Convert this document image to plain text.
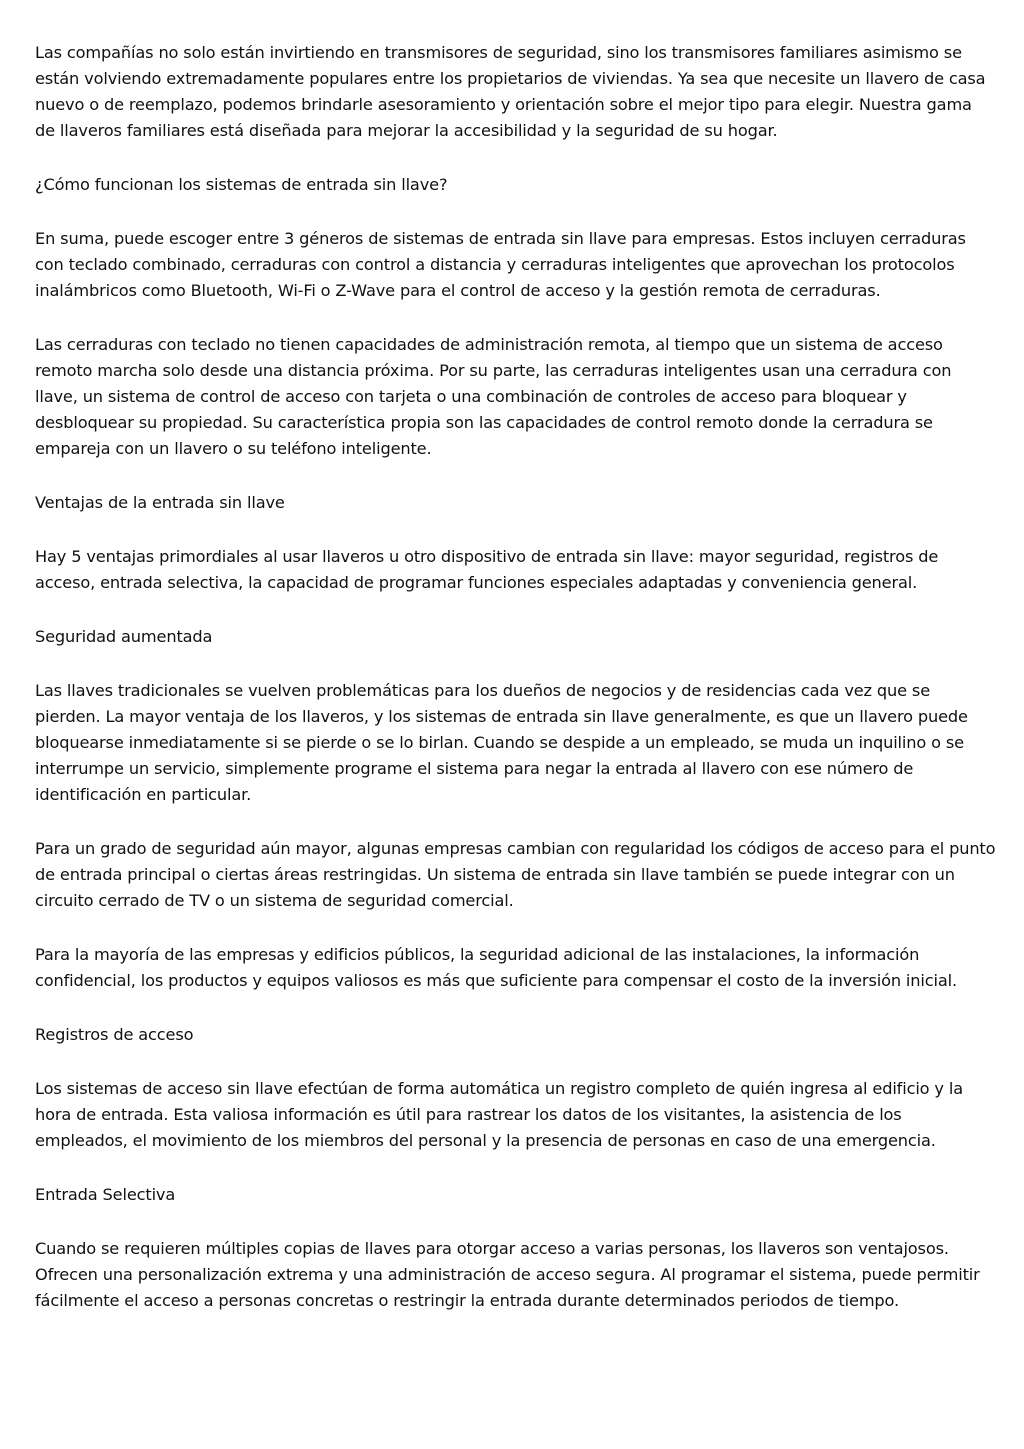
Las compañías no solo están invirtiendo en transmisores de seguridad, sino los transmisores familiares asimismo se están volviendo extremadamente populares entre los propietarios de viviendas. Ya sea que necesite un llavero de casa nuevo o de reemplazo, podemos brindarle asesoramiento y orientación sobre el mejor tipo para elegir. Nuestra gama de llaveros familiares está diseñada para mejorar la accesibilidad y la seguridad de su hogar.

¿Cómo funcionan los sistemas de entrada sin llave?

En suma, puede escoger entre 3 géneros de sistemas de entrada sin llave para empresas. Estos incluyen cerraduras con teclado combinado, cerraduras con control a distancia y cerraduras inteligentes que aprovechan los protocolos inalámbricos como Bluetooth, Wi-Fi o Z-Wave para el control de acceso y la gestión remota de cerraduras.

Las cerraduras con teclado no tienen capacidades de administración remota, al tiempo que un sistema de acceso remoto marcha solo desde una distancia próxima. Por su parte, las cerraduras inteligentes usan una cerradura con llave, un sistema de control de acceso con tarjeta o una combinación de controles de acceso para bloquear y desbloquear su propiedad. Su característica propia son las capacidades de control remoto donde la cerradura se empareja con un llavero o su teléfono inteligente.

Ventajas de la entrada sin llave

Hay 5 ventajas primordiales al usar llaveros u otro dispositivo de entrada sin llave: mayor seguridad, registros de acceso, entrada selectiva, la capacidad de programar funciones especiales adaptadas y conveniencia general.

Seguridad aumentada

Las llaves tradicionales se vuelven problemáticas para los dueños de negocios y de residencias cada vez que se pierden. La mayor ventaja de los llaveros, y los sistemas de entrada sin llave generalmente, es que un llavero puede bloquearse inmediatamente si se pierde o se lo birlan. Cuando se despide a un empleado, se muda un inquilino o se interrumpe un servicio, simplemente programe el sistema para negar la entrada al llavero con ese número de identificación en particular.

Para un grado de seguridad aún mayor, algunas empresas cambian con regularidad los códigos de acceso para el punto de entrada principal o ciertas áreas restringidas. Un sistema de entrada sin llave también se puede integrar con un circuito cerrado de TV o un sistema de seguridad comercial.

Para la mayoría de las empresas y edificios públicos, la seguridad adicional de las instalaciones, la información confidencial, los productos y equipos valiosos es más que suficiente para compensar el costo de la inversión inicial.

Registros de acceso

Los sistemas de acceso sin llave efectúan de forma automática un registro completo de quién ingresa al edificio y la hora de entrada. Esta valiosa información es útil para rastrear los datos de los visitantes, la asistencia de los empleados, el movimiento de los miembros del personal y la presencia de personas en caso de una emergencia.

Entrada Selectiva

Cuando se requieren múltiples copias de llaves para otorgar acceso a varias personas, los llaveros son ventajosos. Ofrecen una personalización extrema y una administración de acceso segura. Al programar el sistema, puede permitir fácilmente el acceso a personas concretas o restringir la entrada durante determinados periodos de tiempo.
